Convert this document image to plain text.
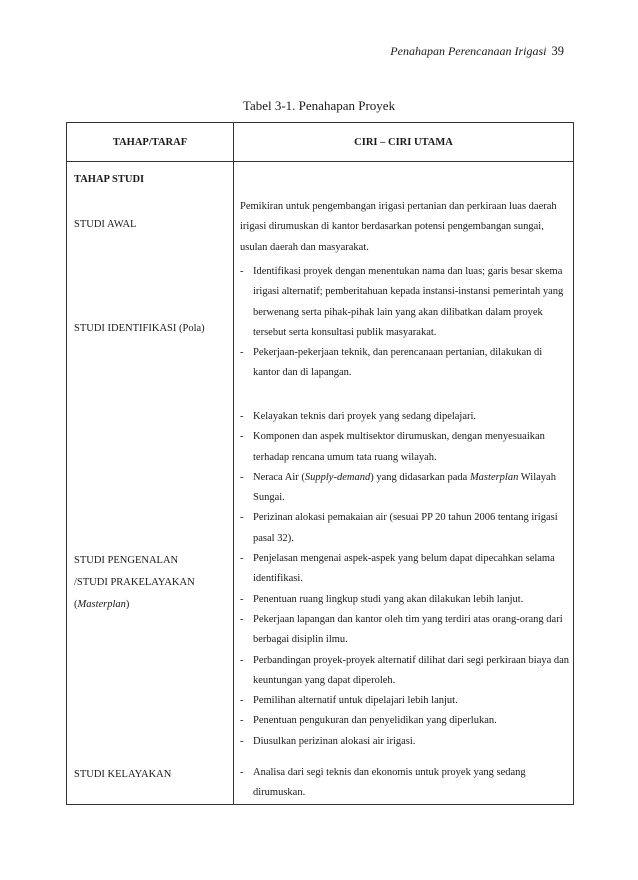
Penahapan Perencanaan Irigasi 39
Tabel 3-1. Penahapan Proyek
TAHAP/TARAF	CIRI – CIRI UTAMA
TAHAP STUDI
STUDI AWAL
Pemikiran untuk pengembangan irigasi pertanian dan perkiraan luas daerah irigasi dirumuskan di kantor berdasarkan potensi pengembangan sungai, usulan daerah dan masyarakat.
STUDI IDENTIFIKASI (Pola)
- Identifikasi proyek dengan menentukan nama dan luas; garis besar skema irigasi alternatif; pemberitahuan kepada instansi-instansi pemerintah yang berwenang serta pihak-pihak lain yang akan dilibatkan dalam proyek tersebut serta konsultasi publik masyarakat.
- Pekerjaan-pekerjaan teknik, dan perencanaan pertanian, dilakukan di kantor dan di lapangan.
STUDI PENGENALAN
/STUDI PRAKELAYAKAN
(Masterplan)
- Kelayakan teknis dari proyek yang sedang dipelajari.
- Komponen dan aspek multisektor dirumuskan, dengan menyesuaikan terhadap rencana umum tata ruang wilayah.
- Neraca Air (Supply-demand) yang didasarkan pada Masterplan Wilayah Sungai.
- Perizinan alokasi pemakaian air (sesuai PP 20 tahun 2006 tentang irigasi pasal 32).
- Penjelasan mengenai aspek-aspek yang belum dapat dipecahkan selama identifikasi.
- Penentuan ruang lingkup studi yang akan dilakukan lebih lanjut.
- Pekerjaan lapangan dan kantor oleh tim yang terdiri atas orang-orang dari berbagai disiplin ilmu.
- Perbandingan proyek-proyek alternatif dilihat dari segi perkiraan biaya dan keuntungan yang dapat diperoleh.
- Pemilihan alternatif untuk dipelajari lebih lanjut.
- Penentuan pengukuran dan penyelidikan yang diperlukan.
- Diusulkan perizinan alokasi air irigasi.
STUDI KELAYAKAN
-	Analisa dari segi teknis dan ekonomis untuk proyek yang sedang dirumuskan.
